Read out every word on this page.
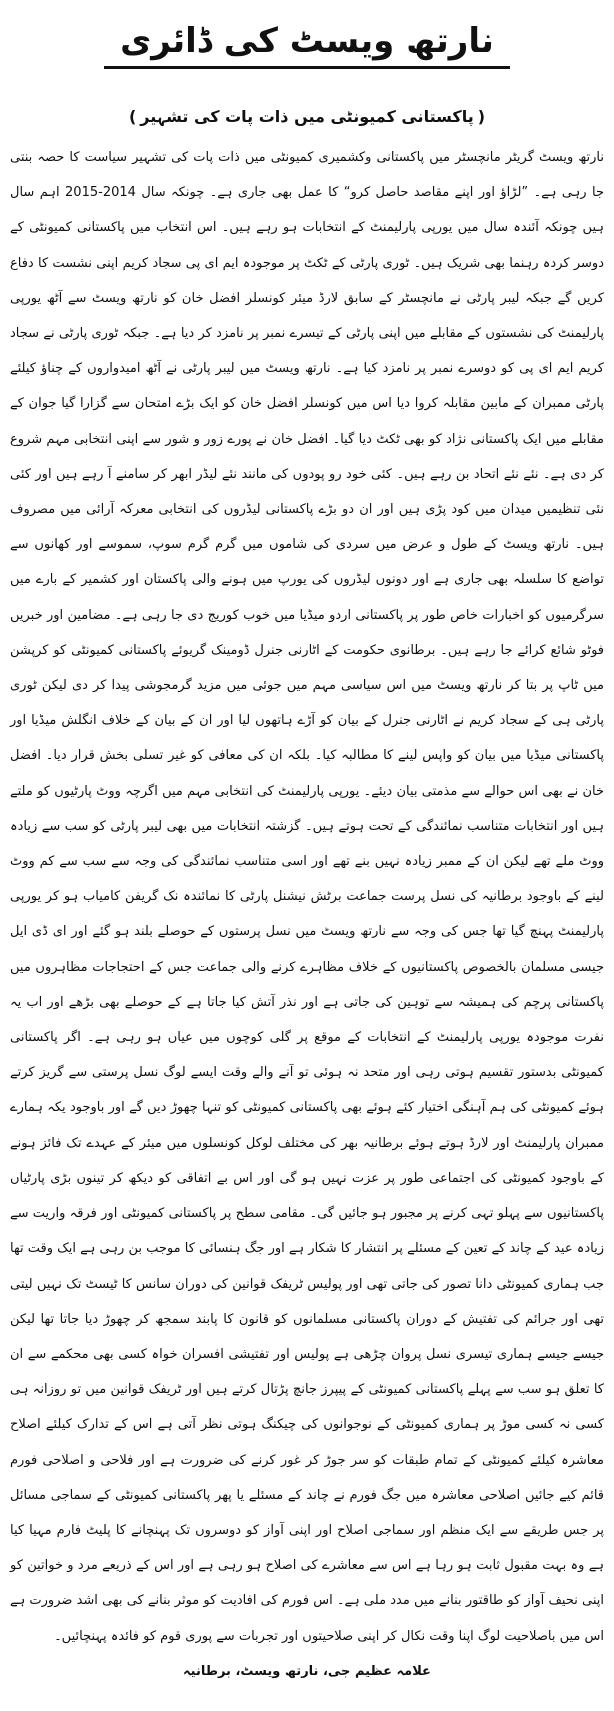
نارتھ ویسٹ کی ڈائری
(پاکستانی کمیونٹی میں ذات پات کی تشہیر)

نارتھ ویسٹ گریٹر مانچسٹر میں پاکستانی وکشمیری کمیونٹی میں ذات پات کی تشہیر سیاست کا حصہ بنتی جا رہی ہے۔ ”لڑاؤ اور اپنے مقاصد حاصل کرو“ کا عمل بھی جاری ہے۔ چونکہ سال 2014-2015 اہم سال ہیں چونکہ آئندہ سال میں یورپی پارلیمنٹ کے انتخابات ہو رہے ہیں۔ اس انتخاب میں پاکستانی کمیونٹی کے دوسر کردہ رہنما بھی شریک ہیں۔ ٹوری پارٹی کے ٹکٹ پر موجودہ ایم ای پی سجاد کریم اپنی نشست کا دفاع کریں گے جبکہ لیبر پارٹی نے مانچسٹر کے سابق لارڈ میئر کونسلر افضل خان کو نارتھ ویسٹ سے آٹھ یورپی پارلیمنٹ کی نشستوں کے مقابلے میں اپنی پارٹی کے تیسرے نمبر پر نامزد کر دیا ہے۔ جبکہ ٹوری پارٹی نے سجاد کریم ایم ای پی کو دوسرے نمبر پر نامزد کیا ہے۔ نارتھ ویسٹ میں لیبر پارٹی نے آٹھ امیدواروں کے چناؤ کیلئے پارٹی ممبران کے مابین مقابلہ کروا دیا اس میں کونسلر افضل خان کو ایک بڑے امتحان سے گزارا گیا جوان کے مقابلے میں ایک پاکستانی نژاد کو بھی ٹکٹ دیا گیا۔ افضل خان نے پورے زور و شور سے اپنی انتخابی مہم شروع کر دی ہے۔ نئے نئے اتحاد بن رہے ہیں۔ کئی خود رو پودوں کی مانند نئے لیڈر ابھر کر سامنے آ رہے ہیں اور کئی نئی تنظیمیں میدان میں کود پڑی ہیں اور ان دو بڑے پاکستانی لیڈروں کی انتخابی معرکہ آرائی میں مصروف ہیں۔ نارتھ ویسٹ کے طول و عرض میں سردی کی شاموں میں گرم گرم سوپ، سموسے اور کھانوں سے تواضع کا سلسلہ بھی جاری ہے اور دونوں لیڈروں کی یورپ میں ہونے والی پاکستان اور کشمیر کے بارے میں سرگرمیوں کو اخبارات خاص طور پر پاکستانی اردو میڈیا میں خوب کوریج دی جا رہی ہے۔ مضامین اور خبریں فوٹو شائع کرائے جا رہے ہیں۔ برطانوی حکومت کے اٹارنی جنرل ڈومینک گریوئے پاکستانی کمیونٹی کو کرپشن میں ٹاپ پر بتا کر نارتھ ویسٹ میں اس سیاسی مہم میں جوئی میں مزید گرمجوشی پیدا کر دی لیکن ٹوری پارٹی ہی کے سجاد کریم نے اٹارنی جنرل کے بیان کو آڑے ہاتھوں لیا اور ان کے بیان کے خلاف انگلش میڈیا اور پاکستانی میڈیا میں بیان کو واپس لینے کا مطالبہ کیا۔ بلکہ ان کی معافی کو غیر تسلی بخش قرار دیا۔ افضل خان نے بھی اس حوالے سے مذمتی بیان دیئے۔ یورپی پارلیمنٹ کی انتخابی مہم میں اگرچہ ووٹ پارٹیوں کو ملتے ہیں اور انتخابات متناسب نمائندگی کے تحت ہوتے ہیں۔ گزشتہ انتخابات میں بھی لیبر پارٹی کو سب سے زیادہ ووٹ ملے تھے لیکن ان کے ممبر زیادہ نہیں بنے تھے اور اسی متناسب نمائندگی کی وجہ سے سب سے کم ووٹ لینے کے باوجود برطانیہ کی نسل پرست جماعت برٹش نیشنل پارٹی کا نمائندہ نک گریفن کامیاب ہو کر یورپی پارلیمنٹ پہنچ گیا تھا جس کی وجہ سے نارتھ ویسٹ میں نسل پرستوں کے حوصلے بلند ہو گئے اور ای ڈی ایل جیسی مسلمان بالخصوص پاکستانیوں کے خلاف مظاہرے کرنے والی جماعت جس کے احتجاجات مظاہروں میں پاکستانی پرچم کی ہمیشہ سے توہین کی جاتی ہے اور نذر آتش کیا جاتا ہے کے حوصلے بھی بڑھے اور اب یہ نفرت موجودہ یورپی پارلیمنٹ کے انتخابات کے موقع پر گلی کوچوں میں عیاں ہو رہی ہے۔ اگر پاکستانی کمیونٹی بدستور تقسیم ہوتی رہی اور متحد نہ ہوئی تو آنے والے وقت ایسے لوگ نسل پرستی سے گریز کرتے ہوئے کمیونٹی کی ہم آہنگی اختیار کئے ہوئے بھی پاکستانی کمیونٹی کو تنہا چھوڑ دیں گے اور باوجود یکہ ہمارے ممبران پارلیمنٹ اور لارڈ ہوتے ہوئے برطانیہ بھر کی مختلف لوکل کونسلوں میں میئر کے عہدے تک فائز ہونے کے باوجود کمیونٹی کی اجتماعی طور پر عزت نہیں ہو گی اور اس بے اتفاقی کو دیکھ کر تینوں بڑی پارٹیاں پاکستانیوں سے پہلو تہی کرنے پر مجبور ہو جائیں گی۔ مقامی سطح پر پاکستانی کمیونٹی اور فرقہ واریت سے زیادہ عید کے چاند کے تعین کے مسئلے پر انتشار کا شکار ہے اور جگ ہنسائی کا موجب بن رہی ہے ایک وقت تھا جب ہماری کمیونٹی دانا تصور کی جاتی تھی اور پولیس ٹریفک قوانین کی دوران سانس کا ٹیسٹ تک نہیں لیتی تھی اور جرائم کی تفتیش کے دوران پاکستانی مسلمانوں کو قانون کا پابند سمجھ کر چھوڑ دیا جاتا تھا لیکن جیسے جیسے ہماری تیسری نسل پروان چڑھی ہے پولیس اور تفتیشی افسران خواہ کسی بھی محکمے سے ان کا تعلق ہو سب سے پہلے پاکستانی کمیونٹی کے پیپرز جانچ پڑتال کرتے ہیں اور ٹریفک قوانین میں تو روزانہ ہی کسی نہ کسی موڑ پر ہماری کمیونٹی کے نوجوانوں کی چیکنگ ہوتی نظر آتی ہے اس کے تدارک کیلئے اصلاح معاشرہ کیلئے کمیونٹی کے تمام طبقات کو سر جوڑ کر غور کرنے کی ضرورت ہے اور فلاحی و اصلاحی فورم قائم کیے جائیں اصلاحی معاشرہ میں جگ فورم نے چاند کے مسئلے یا پھر پاکستانی کمیونٹی کے سماجی مسائل پر جس طریقے سے ایک منظم اور سماجی اصلاح اور اپنی آواز کو دوسروں تک پہنچانے کا پلیٹ فارم مہیا کیا ہے وہ بہت مقبول ثابت ہو رہا ہے اس سے معاشرے کی اصلاح ہو رہی ہے اور اس کے ذریعے مرد و خواتین کو اپنی نحیف آواز کو طاقتور بنانے میں مدد ملی ہے۔ اس فورم کی افادیت کو موثر بنانے کی بھی اشد ضرورت ہے اس میں باصلاحیت لوگ اپنا وقت نکال کر اپنی صلاحیتوں اور تجربات سے پوری قوم کو فائدہ پہنچائیں۔

علامہ عظیم جی، نارتھ ویسٹ، برطانیہ
